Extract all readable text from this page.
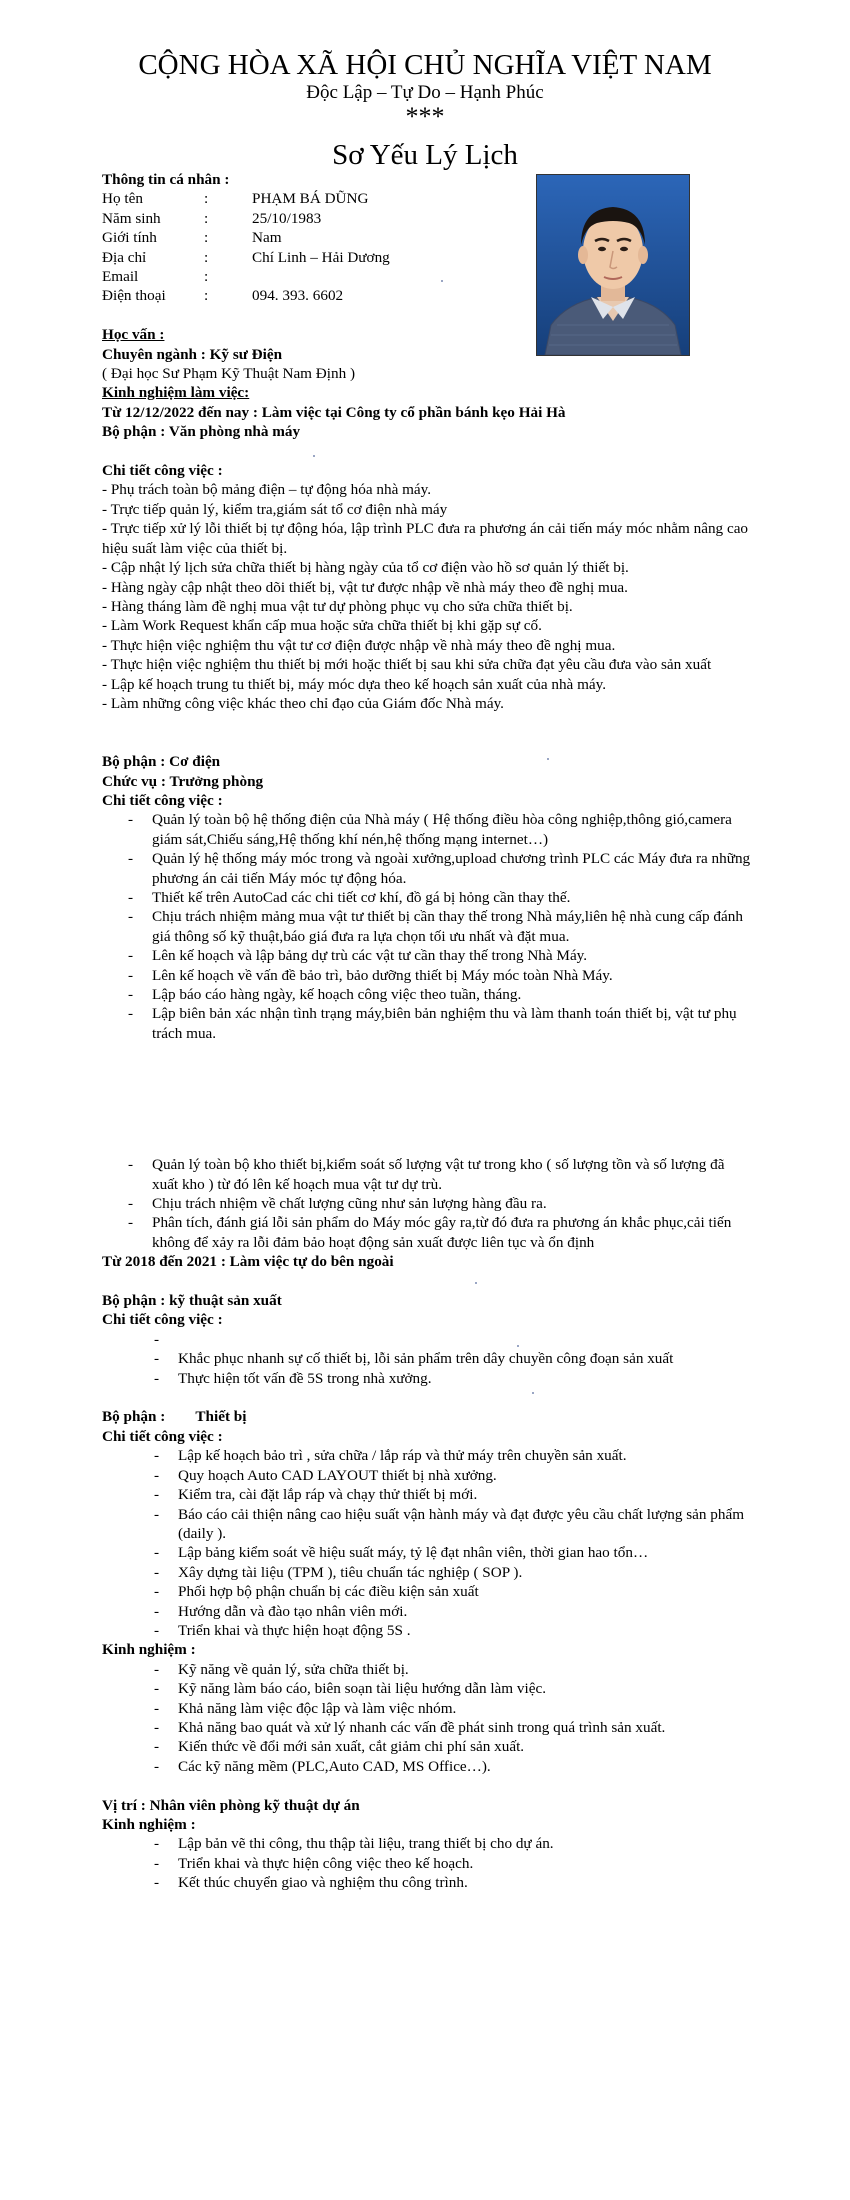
CỘNG HÒA XÃ HỘI CHỦ NGHĨA VIỆT NAM
Độc Lập – Tự Do – Hạnh Phúc
***
Sơ Yếu Lý Lịch
Thông tin cá nhân :
Họ tên	:	PHẠM BÁ DŨNG
Năm sinh	:	25/10/1983
Giới tính	:	Nam
Địa chỉ	:	Chí Linh – Hải Dương
Email	:
Điện thoại	:	094. 393. 6602
Học vấn :
Chuyên ngành : Kỹ sư Điện
( Đại học Sư Phạm Kỹ Thuật Nam Định )
Kinh nghiệm làm việc:
Từ 12/12/2022 đến nay : Làm việc tại Công ty cổ phần bánh kẹo Hải Hà
Bộ phận : Văn phòng nhà máy
Chi tiết công việc :
- Phụ trách toàn bộ mảng điện – tự động hóa nhà máy.
- Trực tiếp quản lý, kiểm tra,giám sát tổ cơ điện nhà máy
- Trực tiếp xử lý lỗi thiết bị tự động hóa, lập trình PLC đưa ra phương án cải tiến máy móc nhằm nâng cao hiệu suất làm việc của thiết bị.
- Cập nhật lý lịch sửa chữa thiết bị hàng ngày của tổ cơ điện vào hồ sơ quản lý thiết bị.
- Hàng ngày cập nhật theo dõi thiết bị, vật tư được nhập về nhà máy theo đề nghị mua.
- Hàng tháng làm đề nghị mua vật tư dự phòng phục vụ cho sửa chữa thiết bị.
- Làm Work Request khẩn cấp mua hoặc sửa chữa thiết bị khi gặp sự cố.
- Thực hiện việc nghiệm thu vật tư cơ điện được nhập về nhà máy theo đề nghị mua.
- Thực hiện việc nghiệm thu thiết bị mới hoặc thiết bị sau khi sửa chữa đạt yêu cầu đưa vào sản xuất
- Lập kế hoạch trung tu thiết bị, máy móc dựa theo kế hoạch sản xuất của nhà máy.
- Làm những công việc khác theo chỉ đạo của Giám đốc Nhà máy.
Bộ phận : Cơ điện
Chức vụ : Trưởng phòng
Chi tiết công việc :
- Quản lý toàn bộ hệ thống điện của Nhà máy ( Hệ thống điều hòa công nghiệp,thông gió,camera giám sát,Chiếu sáng,Hệ thống khí nén,hệ thống mạng internet…)
- Quản lý hệ thống máy móc trong và ngoài xưởng,upload chương trình PLC các Máy đưa ra những phương án cải tiến Máy móc tự động hóa.
- Thiết kế trên AutoCad các chi tiết cơ khí, đồ gá bị hỏng cần thay thế.
- Chịu trách nhiệm mảng mua vật tư thiết bị cần thay thế trong Nhà máy,liên hệ nhà cung cấp đánh giá thông số kỹ thuật,báo giá đưa ra lựa chọn tối ưu nhất và đặt mua.
- Lên kế hoạch và lập bảng dự trù các vật tư cần thay thế trong Nhà Máy.
- Lên kế hoạch về vấn đề bảo trì, bảo dưỡng thiết bị Máy móc toàn Nhà Máy.
- Lập báo cáo hàng ngày, kế hoạch công việc theo tuần, tháng.
- Lập biên bản xác nhận tình trạng máy,biên bản nghiệm thu và làm thanh toán thiết bị, vật tư phụ trách mua.
- Quản lý toàn bộ kho thiết bị,kiểm soát số lượng vật tư trong kho ( số lượng tồn và số lượng đã xuất kho ) từ đó lên kế hoạch mua vật tư dự trù.
- Chịu trách nhiệm về chất lượng cũng như sản lượng hàng đầu ra.
- Phân tích, đánh giá lỗi sản phẩm do Máy móc gây ra,từ đó đưa ra phương án khắc phục,cải tiến không để xảy ra lỗi đảm bảo hoạt động sản xuất được liên tục và ổn định
Từ 2018 đến 2021 : Làm việc tự do bên ngoài
Bộ phận : kỹ thuật sản xuất
Chi tiết công việc :
-
- Khắc phục nhanh sự cố thiết bị, lỗi sản phẩm trên dây chuyền công đoạn sản xuất
- Thực hiện tốt vấn đề 5S trong nhà xưởng.
Bộ phận :        Thiết bị
Chi tiết công việc :
- Lập kế hoạch bảo trì , sửa chữa / lắp ráp và thử máy trên chuyền sản xuất.
- Quy hoạch Auto CAD LAYOUT thiết bị nhà xưởng.
- Kiểm tra, cài đặt lắp ráp và chạy thử thiết bị mới.
- Báo cáo cải thiện nâng cao hiệu suất vận hành máy và đạt được yêu cầu chất lượng sản phẩm (daily ).
- Lập bảng kiểm soát về hiệu suất máy, tỷ lệ đạt nhân viên, thời gian hao tổn…
- Xây dựng tài liệu (TPM ), tiêu chuẩn tác nghiệp ( SOP ).
- Phối hợp bộ phận chuẩn bị các điều kiện sản xuất
- Hướng dẫn và đào tạo nhân viên mới.
- Triển khai và thực hiện hoạt động 5S .
Kinh nghiệm :
- Kỹ năng về quản lý, sửa chữa thiết bị.
- Kỹ năng làm báo cáo, biên soạn tài liệu hướng dẫn làm việc.
- Khả năng làm việc độc lập và làm việc nhóm.
- Khả năng bao quát và xử lý nhanh các vấn đề phát sinh trong quá trình sản xuất.
- Kiến thức về đổi mới sản xuất, cắt giảm chi phí sản xuất.
- Các kỹ năng mềm (PLC,Auto CAD, MS Office…).
Vị trí : Nhân viên phòng kỹ thuật dự án
Kinh nghiệm :
- Lập bản vẽ thi công, thu thập tài liệu, trang thiết bị cho dự án.
- Triển khai và thực hiện công việc theo kế hoạch.
- Kết thúc chuyển giao và nghiệm thu công trình.
